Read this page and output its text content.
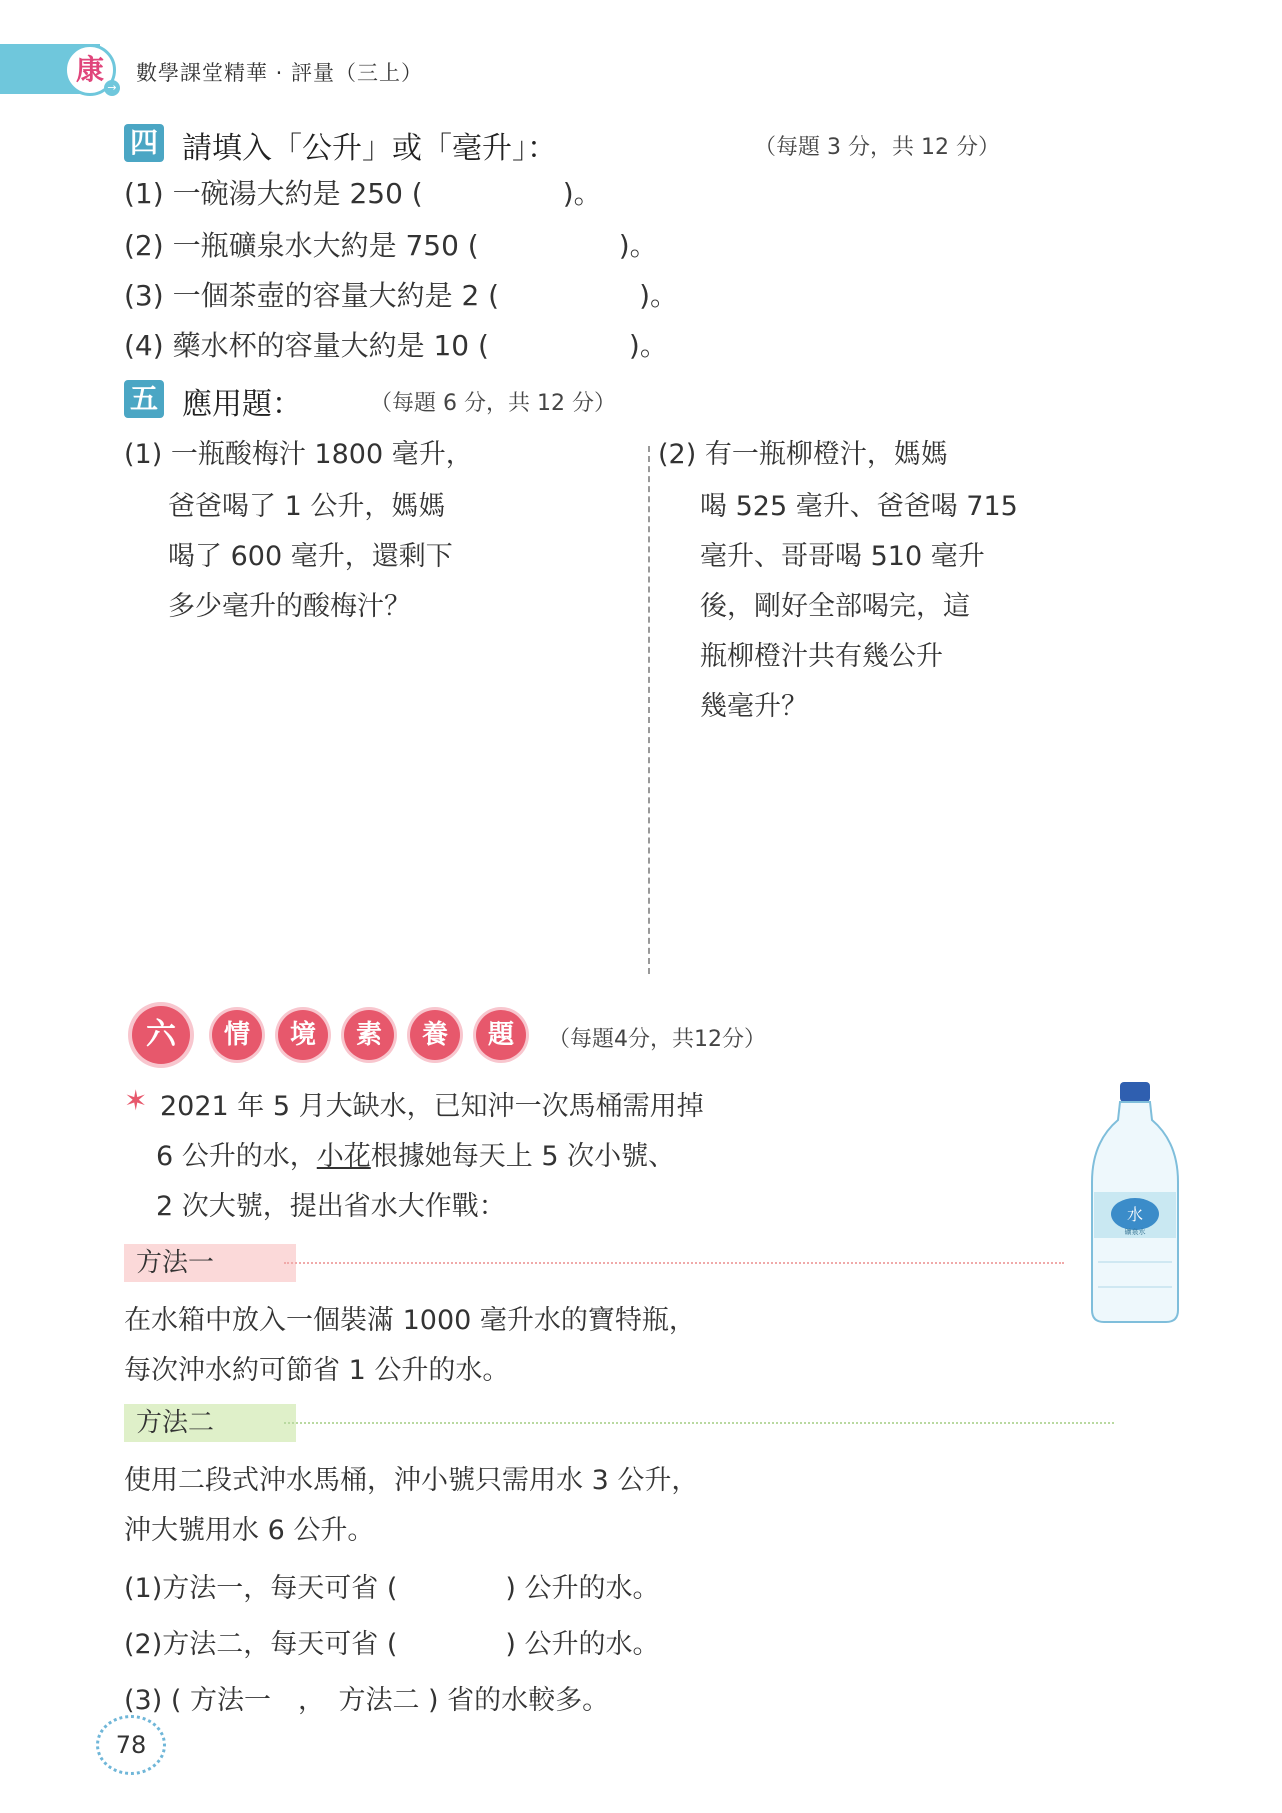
康
→
數學課堂精華 · 評量（三上）
四 請填入「公升」或「毫升」：	（每題 3 分，共 12 分）
(1) 一碗湯大約是 250 (　　　　　)。
(2) 一瓶礦泉水大約是 750 (　　　　　)。
(3) 一個茶壺的容量大約是 2 (　　　　　)。
(4) 藥水杯的容量大約是 10 (　　　　　)。
五 應用題：	（每題 6 分，共 12 分）
(1) 一瓶酸梅汁 1800 毫升，
爸爸喝了 1 公升，媽媽
喝了 600 毫升，還剩下
多少毫升的酸梅汁？
(2) 有一瓶柳橙汁，媽媽
喝 525 毫升、爸爸喝 715
毫升、哥哥喝 510 毫升
後，剛好全部喝完，這
瓶柳橙汁共有幾公升
幾毫升？
六	情	境	素	養	題	（每題4分，共12分）
✶ 2021 年 5 月大缺水，已知沖一次馬桶需用掉
6 公升的水，小花根據她每天上 5 次小號、
2 次大號，提出省水大作戰：
方法一
在水箱中放入一個裝滿 1000 毫升水的寶特瓶，
每次沖水約可節省 1 公升的水。
方法二
使用二段式沖水馬桶，沖小號只需用水 3 公升，
沖大號用水 6 公升。
(1)方法一，每天可省 (　　　　) 公升的水。
(2)方法二，每天可省 (　　　　) 公升的水。
(3) ( 方法一　，　方法二 ) 省的水較多。
水
礦泉水
78
